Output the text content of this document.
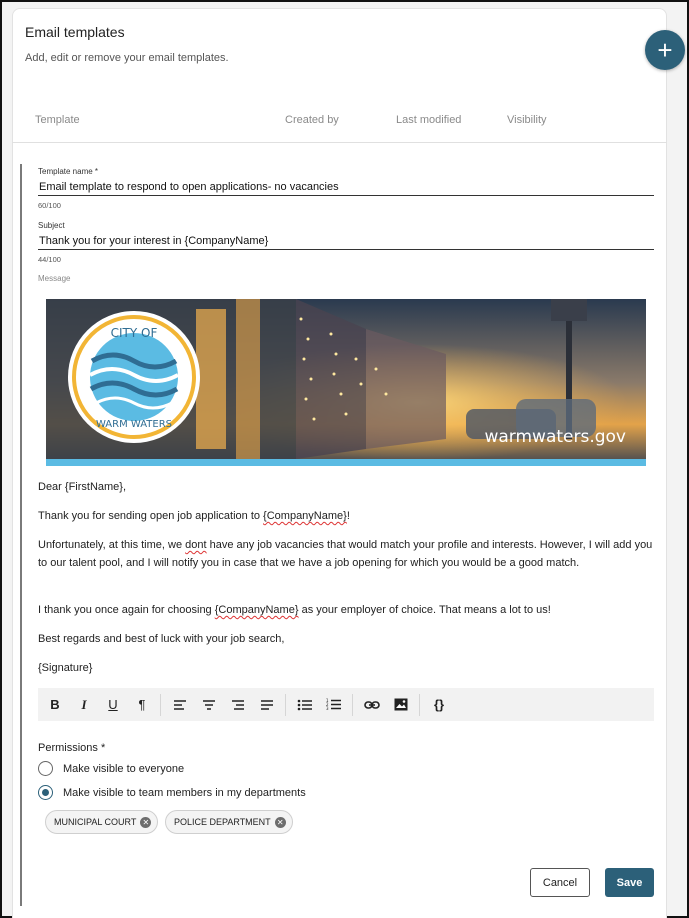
Email templates
Add, edit or remove your email templates.	+
Template	Created by	Last modified	Visibility
Template name *
Email template to respond to open applications- no vacancies
60/100
Subject
Thank you for your interest in {CompanyName}
44/100
Message
CITY OF
WARM WATERS
warmwaters.gov
Dear {FirstName},
Thank you for sending open job application to {CompanyName}!
Unfortunately, at this time, we dont have any job vacancies that would match your profile and interests. However, I will add you to our talent pool, and I will notify you in case that we have a job opening for which you would be a good match.
I thank you once again for choosing {CompanyName} as your employer of choice. That means a lot to us!
Best regards and best of luck with your job search,
{Signature}
B	I	U	¶	1
2
3	{}
Permissions *
Make visible to everyone
Make visible to team members in my departments
MUNICIPAL COURT ✕	POLICE DEPARTMENT ✕
Cancel	Save
